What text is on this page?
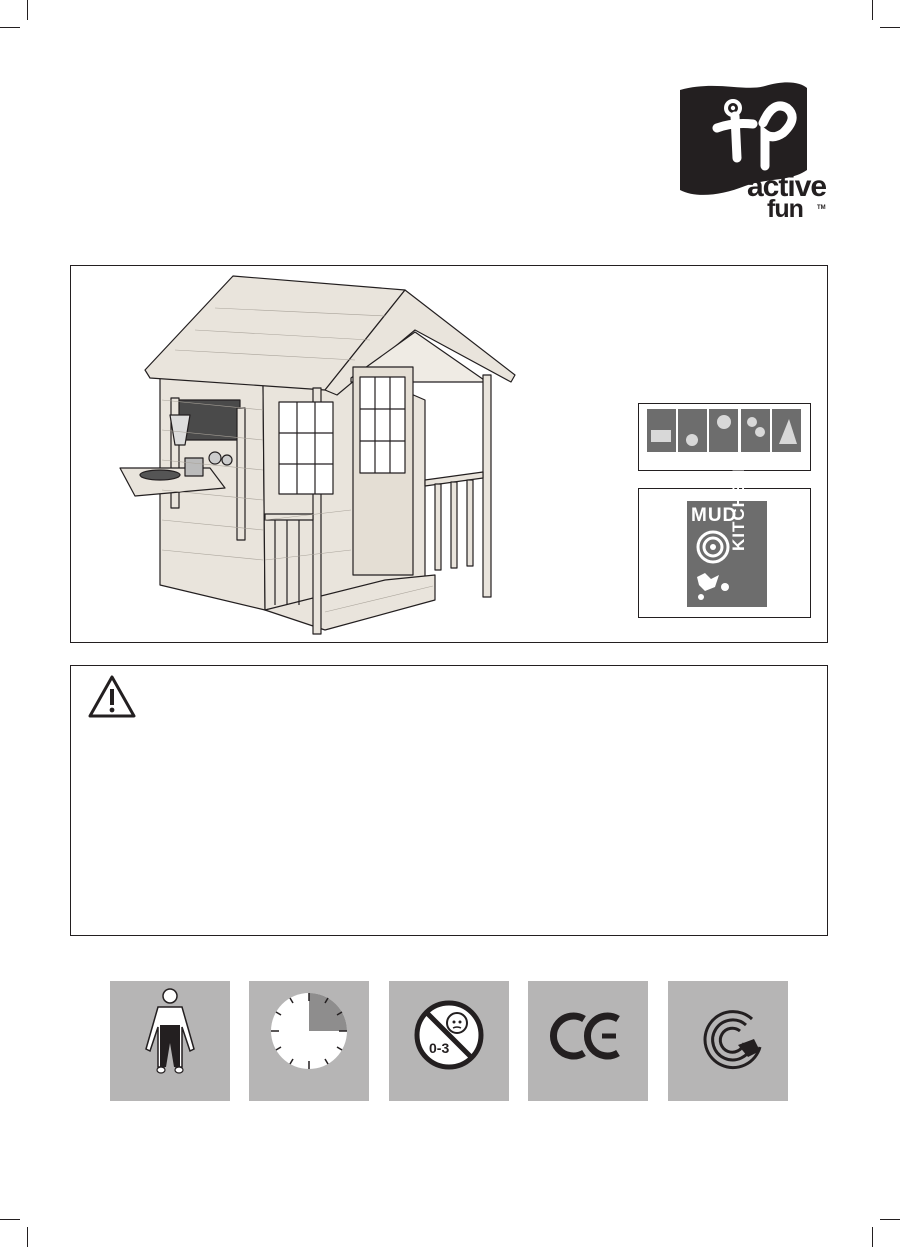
active
fun TM
MUD
KITCHEN
0-3
